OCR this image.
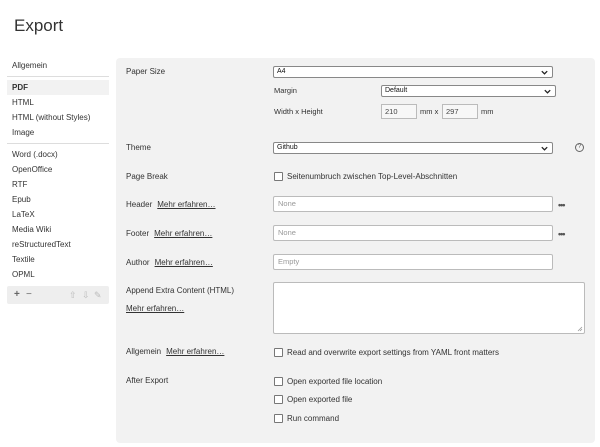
Export
Allgemein
PDF
HTML
HTML (without Styles)
Image
Word (.docx)
OpenOffice
RTF
Epub
LaTeX
Media Wiki
reStructuredText
Textile
OPML
+ −	⇧ ⇩ ✎
Paper Size	A4
Margin	Default
Width x Height	210	mm x	297	mm
Theme	Github	?
Page Break	Seitenumbruch zwischen Top-Level-Abschnitten
Header Mehr erfahren…	None	•••
Footer Mehr erfahren…	None	•••
Author Mehr erfahren…	Empty
Append Extra Content (HTML)
Mehr erfahren…
Allgemein Mehr erfahren…	Read and overwrite export settings from YAML front matters
After Export	Open exported file location
Open exported file
Run command
